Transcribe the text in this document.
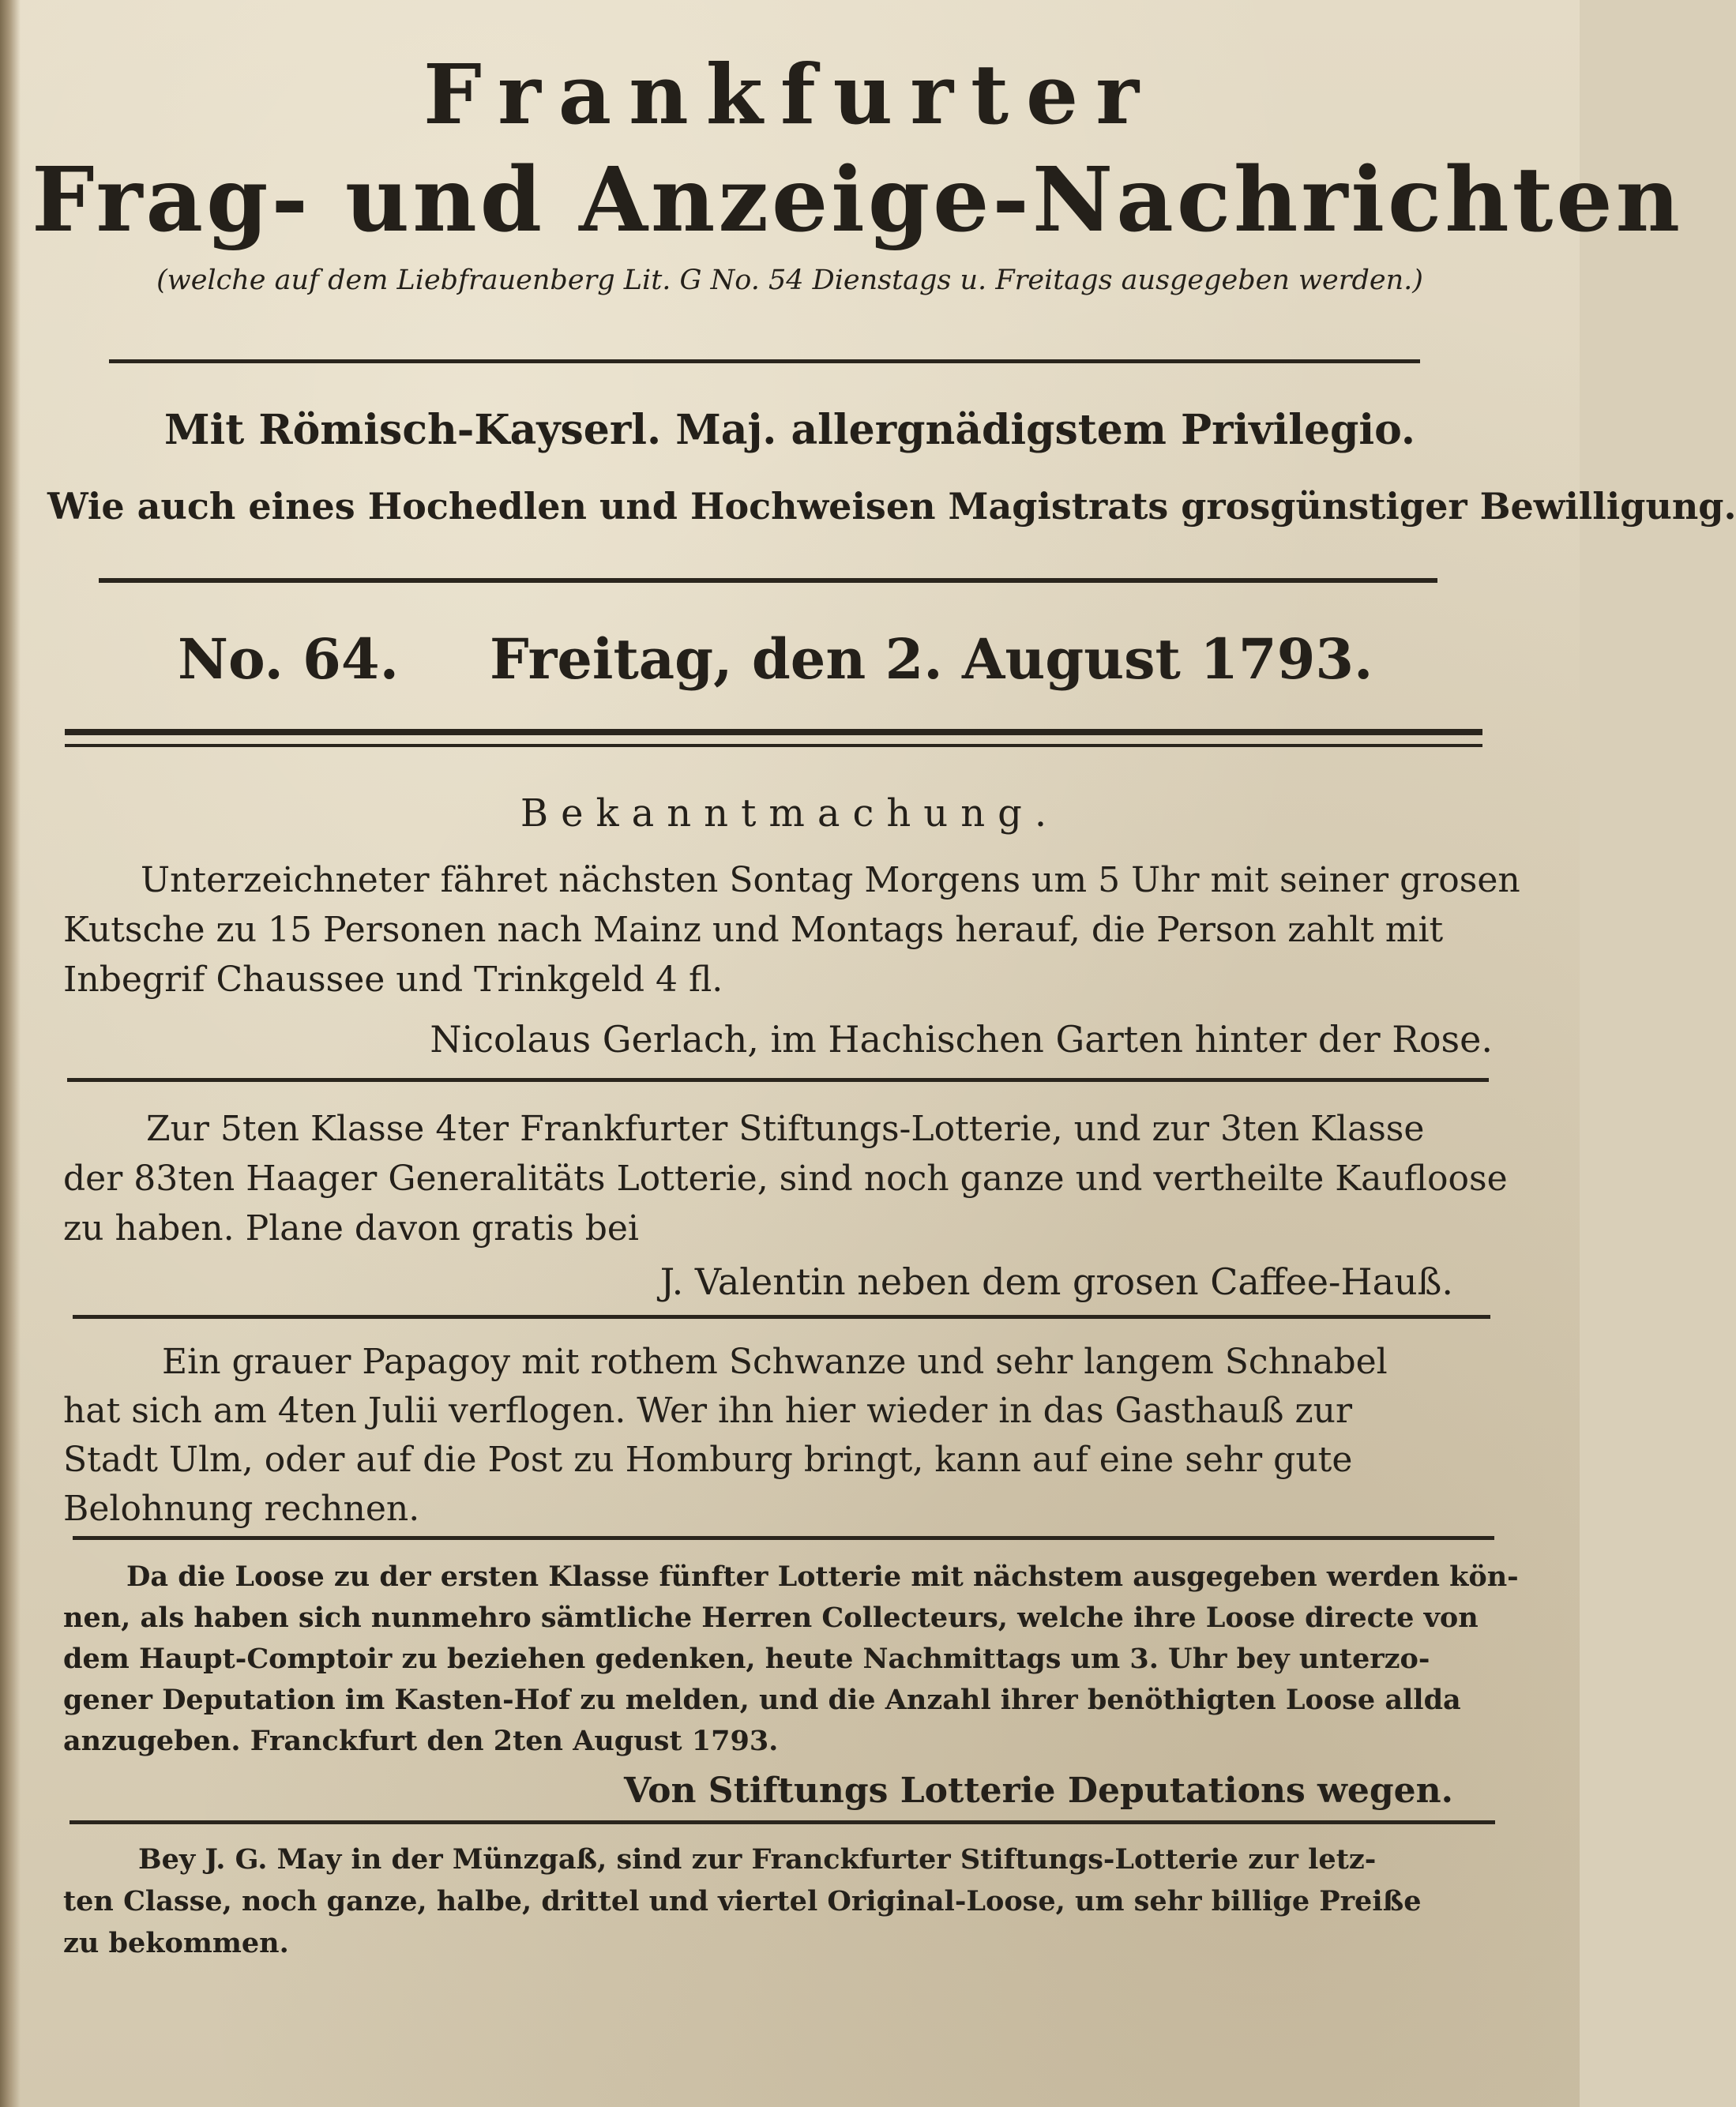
Frankfurter
Frag- und Anzeige-Nachrichten
(welche auf dem Liebfrauenberg Lit. G No. 54 Dienstags u. Freitags ausgegeben werden.)
Mit Römisch-Kayserl. Maj. allergnädigstem Privilegio.
Wie auch eines Hochedlen und Hochweisen Magistrats grosgünstiger Bewilligung.
No. 64.	Freitag, den 2. August 1793.
Bekanntmachung.
Unterzeichneter fähret nächsten Sontag Morgens um 5 Uhr mit seiner grosen
Kutsche zu 15 Personen nach Mainz und Montags herauf, die Person zahlt mit
Inbegrif Chaussee und Trinkgeld 4 fl.
Nicolaus Gerlach, im Hachischen Garten hinter der Rose.
Zur 5ten Klasse 4ter Frankfurter Stiftungs-Lotterie, und zur 3ten Klasse
der 83ten Haager Generalitäts Lotterie, sind noch ganze und vertheilte Kaufloose
zu haben. Plane davon gratis bei
J. Valentin neben dem grosen Caffee-Hauß.
Ein grauer Papagoy mit rothem Schwanze und sehr langem Schnabel
hat sich am 4ten Julii verflogen. Wer ihn hier wieder in das Gasthauß zur
Stadt Ulm, oder auf die Post zu Homburg bringt, kann auf eine sehr gute
Belohnung rechnen.
Da die Loose zu der ersten Klasse fünfter Lotterie mit nächstem ausgegeben werden kön-
nen, als haben sich nunmehro sämtliche Herren Collecteurs, welche ihre Loose directe von
dem Haupt-Comptoir zu beziehen gedenken, heute Nachmittags um 3. Uhr bey unterzo-
gener Deputation im Kasten-Hof zu melden, und die Anzahl ihrer benöthigten Loose allda
anzugeben. Franckfurt den 2ten August 1793.
Von Stiftungs Lotterie Deputations wegen.
Bey J. G. May in der Münzgaß, sind zur Franckfurter Stiftungs-Lotterie zur letz-
ten Classe, noch ganze, halbe, drittel und viertel Original-Loose, um sehr billige Preiße
zu bekommen.
